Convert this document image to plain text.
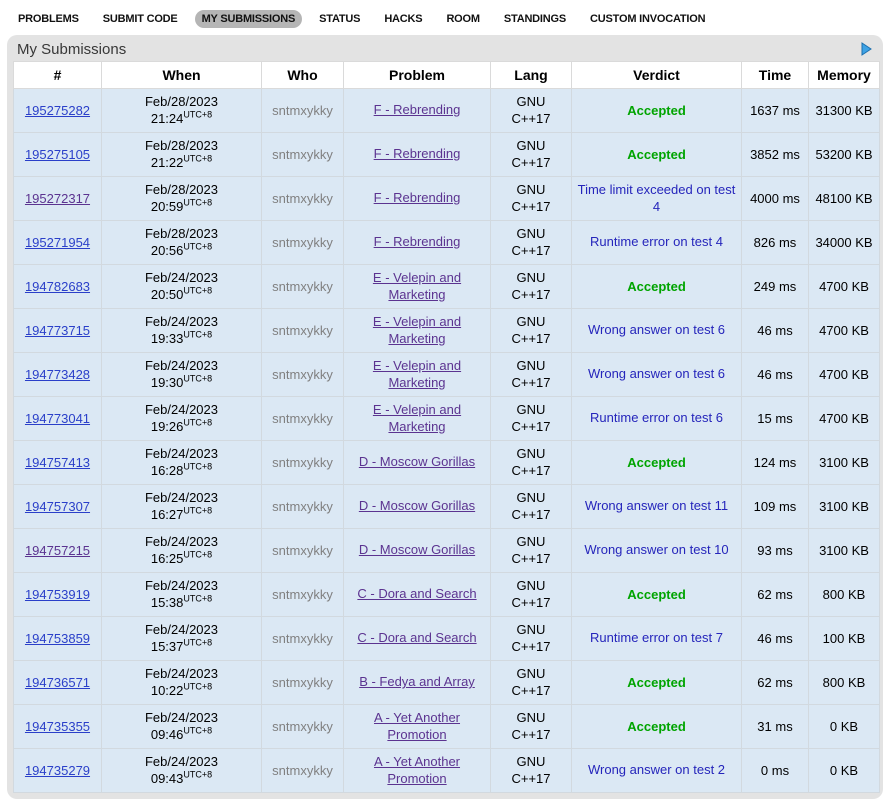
PROBLEMS SUBMIT CODE MY SUBMISSIONS STATUS HACKS ROOM STANDINGS CUSTOM INVOCATION
My Submissions
#	When	Who	Problem	Lang	Verdict	Time	Memory
195275282	Feb/28/2023
$21:24^{UTC+8}$	sntmxykky	F - Rebrending	GNU C++17	Accepted	1637 ms	31300 KB
195275105	Feb/28/2023
$21:22^{UTC+8}$	sntmxykky	F - Rebrending	GNU C++17	Accepted	3852 ms	53200 KB
195272317	Feb/28/2023
$20:59^{UTC+8}$	sntmxykky	F - Rebrending	GNU C++17	Time limit exceeded on test 4	4000 ms	48100 KB
195271954	Feb/28/2023
$20:56^{UTC+8}$	sntmxykky	F - Rebrending	GNU C++17	Runtime error on test 4	826 ms	34000 KB
194782683	Feb/24/2023
$20:50^{UTC+8}$	sntmxykky	E - Velepin and Marketing	GNU C++17	Accepted	249 ms	4700 KB
194773715	Feb/24/2023
$19:33^{UTC+8}$	sntmxykky	E - Velepin and Marketing	GNU C++17	Wrong answer on test 6	46 ms	4700 KB
194773428	Feb/24/2023
$19:30^{UTC+8}$	sntmxykky	E - Velepin and Marketing	GNU C++17	Wrong answer on test 6	46 ms	4700 KB
194773041	Feb/24/2023
$19:26^{UTC+8}$	sntmxykky	E - Velepin and Marketing	GNU C++17	Runtime error on test 6	15 ms	4700 KB
194757413	Feb/24/2023
$16:28^{UTC+8}$	sntmxykky	D - Moscow Gorillas	GNU C++17	Accepted	124 ms	3100 KB
194757307	Feb/24/2023
$16:27^{UTC+8}$	sntmxykky	D - Moscow Gorillas	GNU C++17	Wrong answer on test 11	109 ms	3100 KB
194757215	Feb/24/2023
$16:25^{UTC+8}$	sntmxykky	D - Moscow Gorillas	GNU C++17	Wrong answer on test 10	93 ms	3100 KB
194753919	Feb/24/2023
$15:38^{UTC+8}$	sntmxykky	C - Dora and Search	GNU C++17	Accepted	62 ms	800 KB
194753859	Feb/24/2023
$15:37^{UTC+8}$	sntmxykky	C - Dora and Search	GNU C++17	Runtime error on test 7	46 ms	100 KB
194736571	Feb/24/2023
$10:22^{UTC+8}$	sntmxykky	B - Fedya and Array	GNU C++17	Accepted	62 ms	800 KB
194735355	Feb/24/2023
$09:46^{UTC+8}$	sntmxykky	A - Yet Another Promotion	GNU C++17	Accepted	31 ms	0 KB
194735279	Feb/24/2023
$09:43^{UTC+8}$	sntmxykky	A - Yet Another Promotion	GNU C++17	Wrong answer on test 2	0 ms	0 KB
